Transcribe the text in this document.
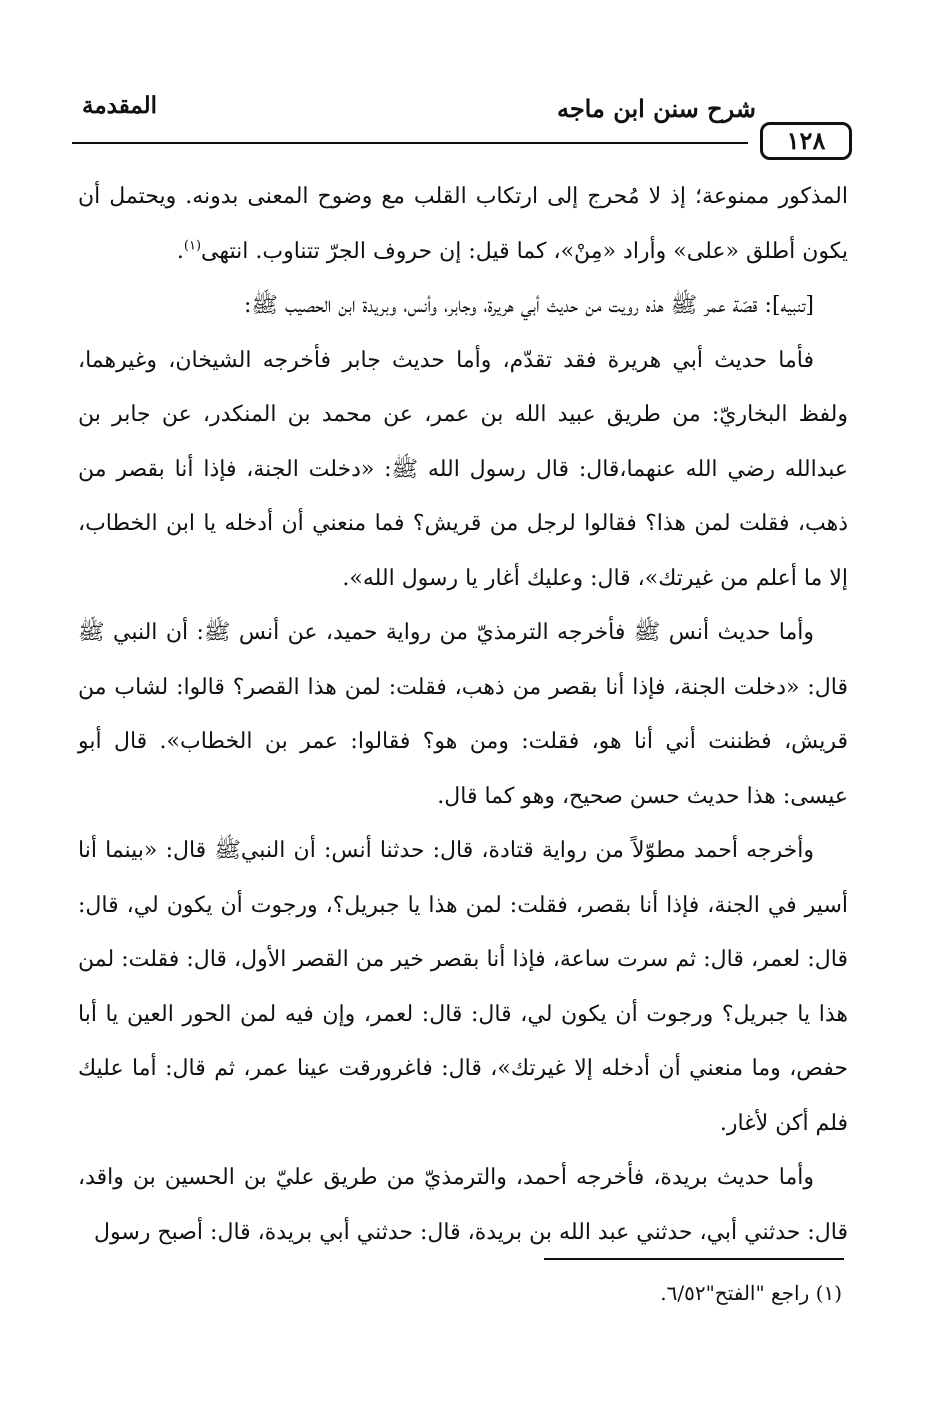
المقدمة	شرح سنن ابن ماجه
١٢٨

المذكور ممنوعة؛ إذ لا مُحرج إلى ارتكاب القلب مع وضوح المعنى بدونه. ويحتمل أن يكون أطلق «على» وأراد «مِنْ»، كما قيل: إن حروف الجرّ تتناوب. انتهى$^{(١)}$.

[تنبيه]: قصّة عمر ﷺ هذه رويت من حديث أبي هريرة، وجابر، وأنس، وبريدة ابن الحصيب ﷺ:

فأما حديث أبي هريرة فقد تقدّم، وأما حديث جابر فأخرجه الشيخان، وغيرهما، ولفظ البخاريّ: من طريق عبيد الله بن عمر، عن محمد بن المنكدر، عن جابر بن عبدالله رضي الله عنهما،قال: قال رسول الله ﷺ: «دخلت الجنة، فإذا أنا بقصر من ذهب، فقلت لمن هذا؟ فقالوا لرجل من قريش؟ فما منعني أن أدخله يا ابن الخطاب، إلا ما أعلم من غيرتك»، قال: وعليك أغار يا رسول الله».

وأما حديث أنس ﷺ فأخرجه الترمذيّ من رواية حميد، عن أنس ﷺ: أن النبي ﷺ قال: «دخلت الجنة، فإذا أنا بقصر من ذهب، فقلت: لمن هذا القصر؟ قالوا: لشاب من قريش، فظننت أني أنا هو، فقلت: ومن هو؟ فقالوا: عمر بن الخطاب». قال أبو عيسى: هذا حديث حسن صحيح، وهو كما قال.

وأخرجه أحمد مطوّلاً من رواية قتادة، قال: حدثنا أنس: أن النبيﷺ قال: «بينما أنا أسير في الجنة، فإذا أنا بقصر، فقلت: لمن هذا يا جبريل؟، ورجوت أن يكون لي، قال: قال: لعمر، قال: ثم سرت ساعة، فإذا أنا بقصر خير من القصر الأول، قال: فقلت: لمن هذا يا جبريل؟ ورجوت أن يكون لي، قال: قال: لعمر، وإن فيه لمن الحور العين يا أبا حفص، وما منعني أن أدخله إلا غيرتك»، قال: فاغرورقت عينا عمر، ثم قال: أما عليك فلم أكن لأغار.

وأما حديث بريدة، فأخرجه أحمد، والترمذيّ من طريق عليّ بن الحسين بن واقد، قال: حدثني أبي، حدثني عبد الله بن بريدة، قال: حدثني أبي بريدة، قال: أصبح رسول

(١) راجع "الفتح"٦/٥٢.
